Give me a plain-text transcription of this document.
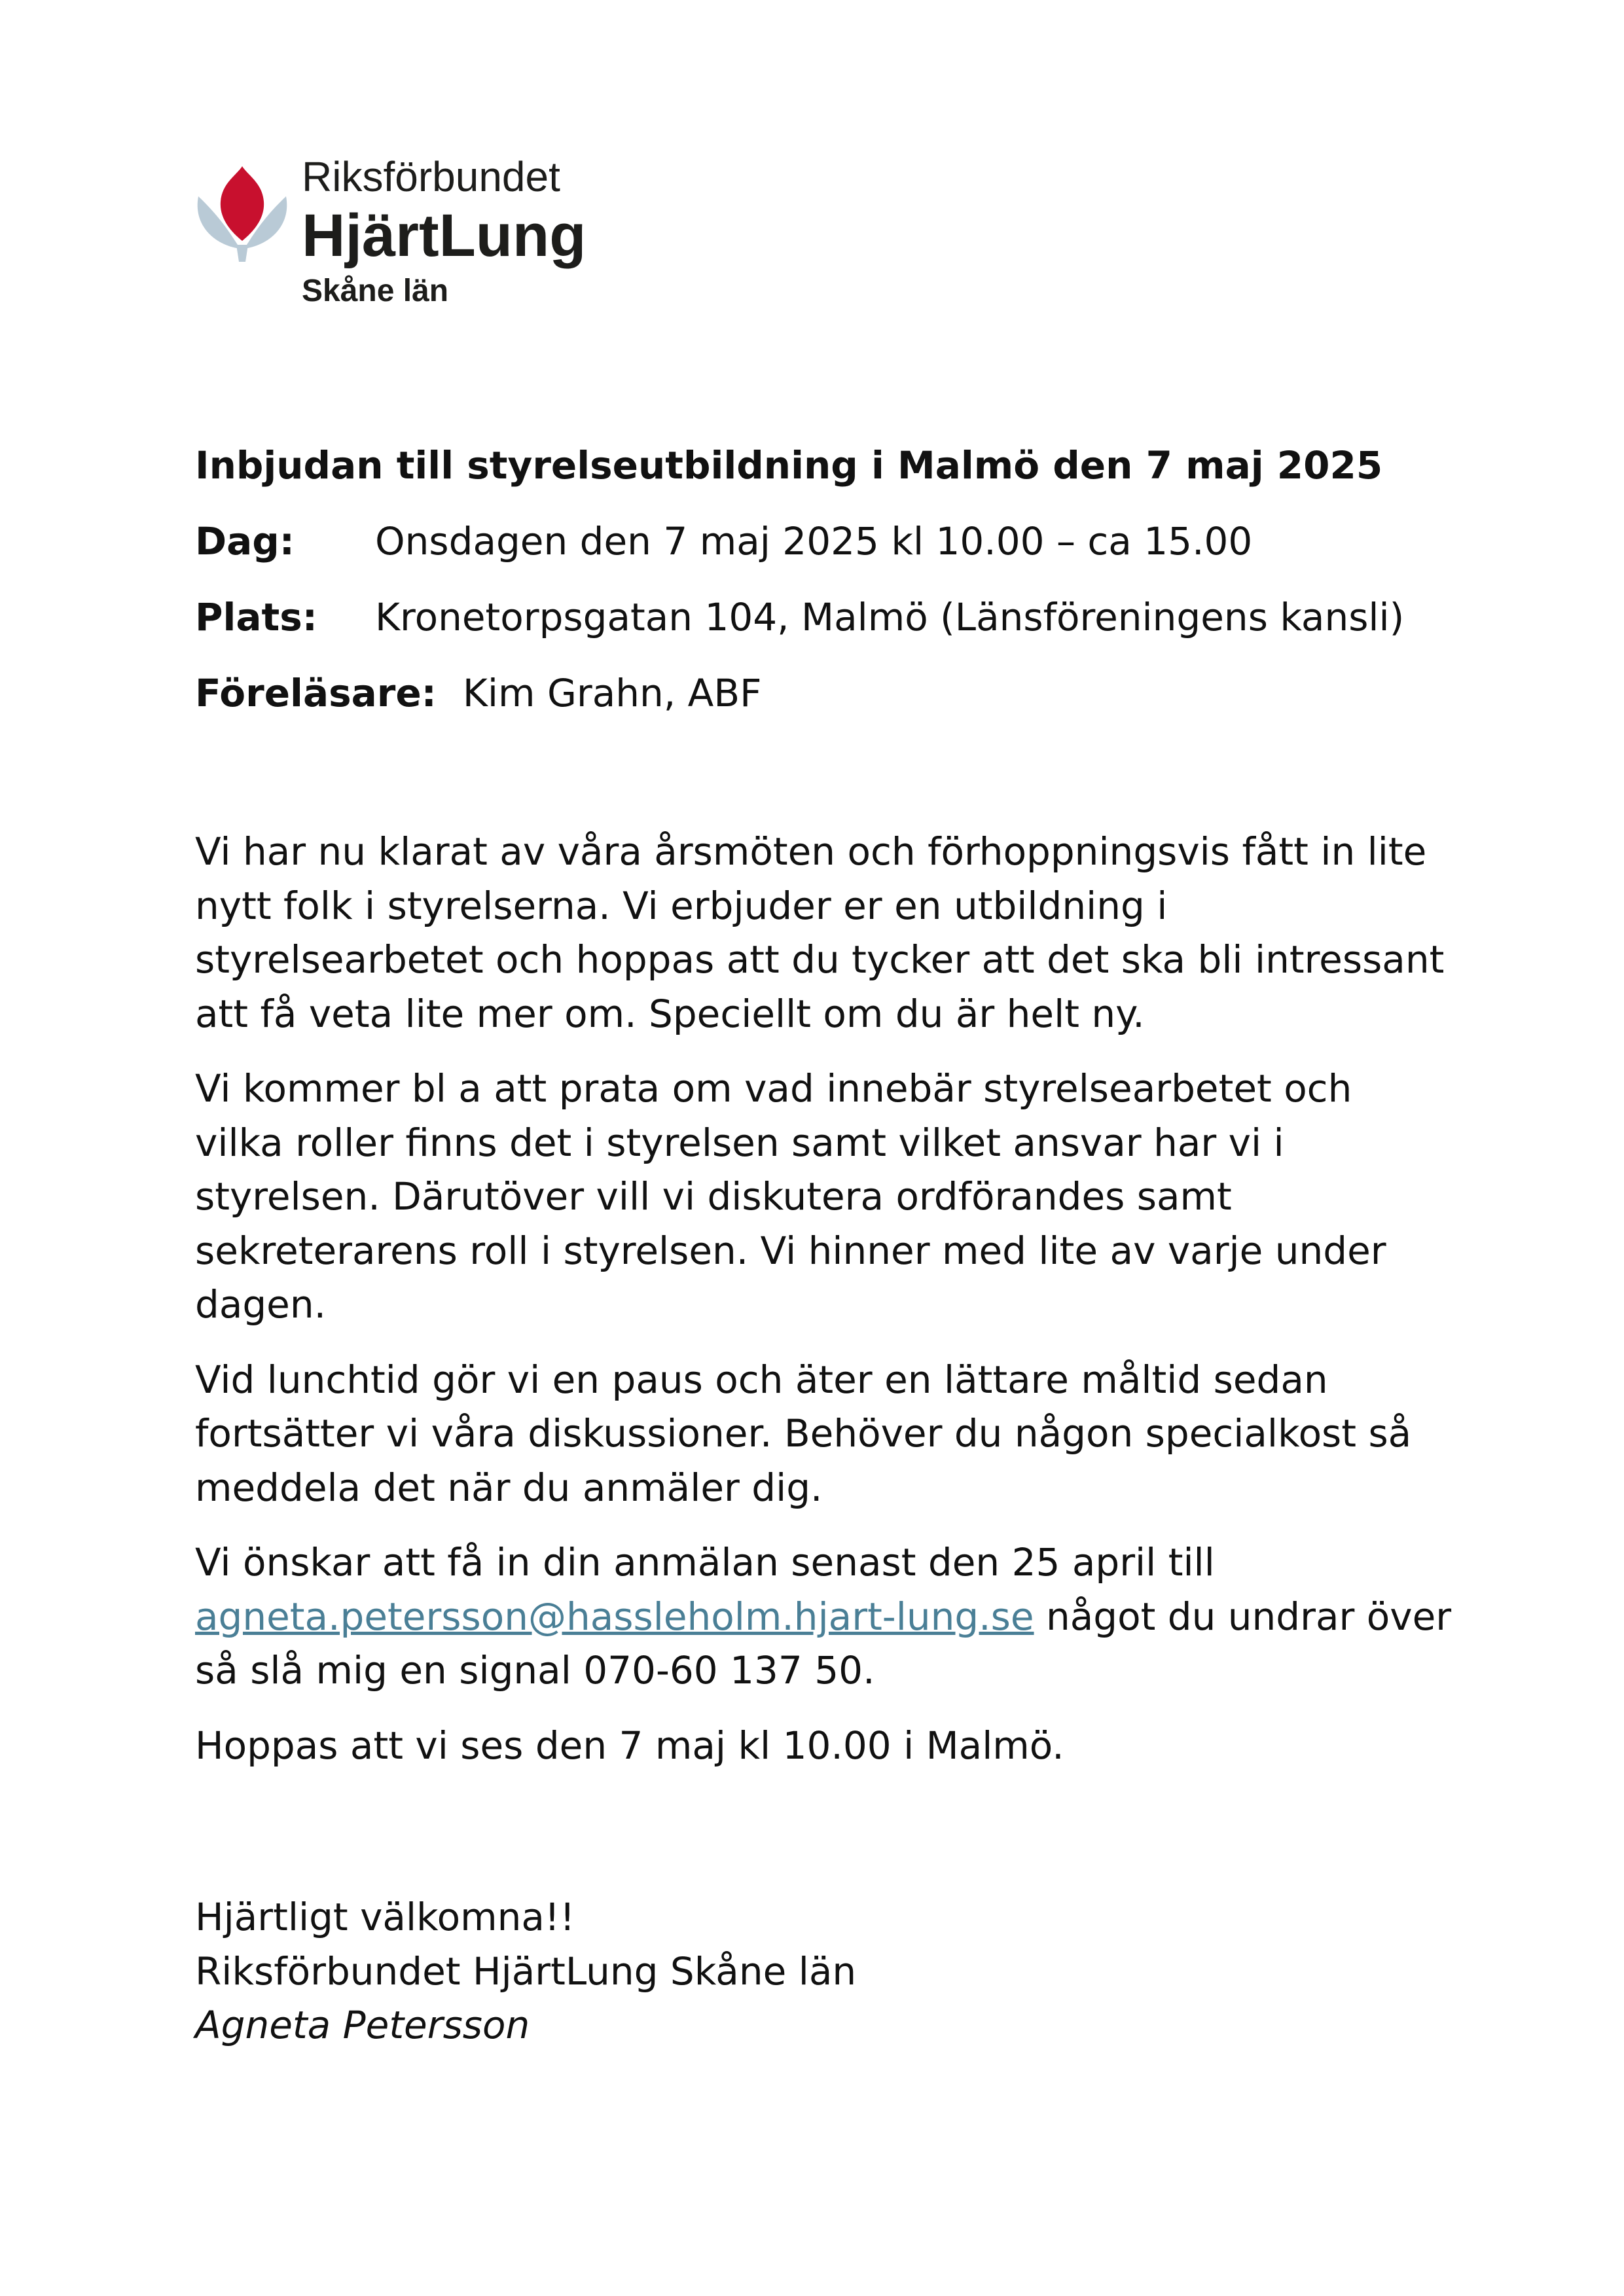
Riksförbundet
HjärtLung
Skåne län
Inbjudan till styrelseutbildning i Malmö den 7 maj 2025
Dag: Onsdagen den 7 maj 2025 kl 10.00 – ca 15.00
Plats: Kronetorpsgatan 104, Malmö (Länsföreningens kansli)
Föreläsare: Kim Grahn, ABF

Vi har nu klarat av våra årsmöten och förhoppningsvis fått in lite nytt folk i styrelserna. Vi erbjuder er en utbildning i styrelsearbetet och hoppas att du tycker att det ska bli intressant att få veta lite mer om. Speciellt om du är helt ny.

Vi kommer bl a att prata om vad innebär styrelsearbetet och vilka roller finns det i styrelsen samt vilket ansvar har vi i styrelsen. Därutöver vill vi diskutera ordförandes samt sekreterarens roll i styrelsen. Vi hinner med lite av varje under dagen.

Vid lunchtid gör vi en paus och äter en lättare måltid sedan fortsätter vi våra diskussioner. Behöver du någon specialkost så meddela det när du anmäler dig.

Vi önskar att få in din anmälan senast den 25 april till agneta.petersson@hassleholm.hjart-lung.se något du undrar över så slå mig en signal 070-60 137 50.

Hoppas att vi ses den 7 maj kl 10.00 i Malmö.

Hjärtligt välkomna!!
Riksförbundet HjärtLung Skåne län
Agneta Petersson
